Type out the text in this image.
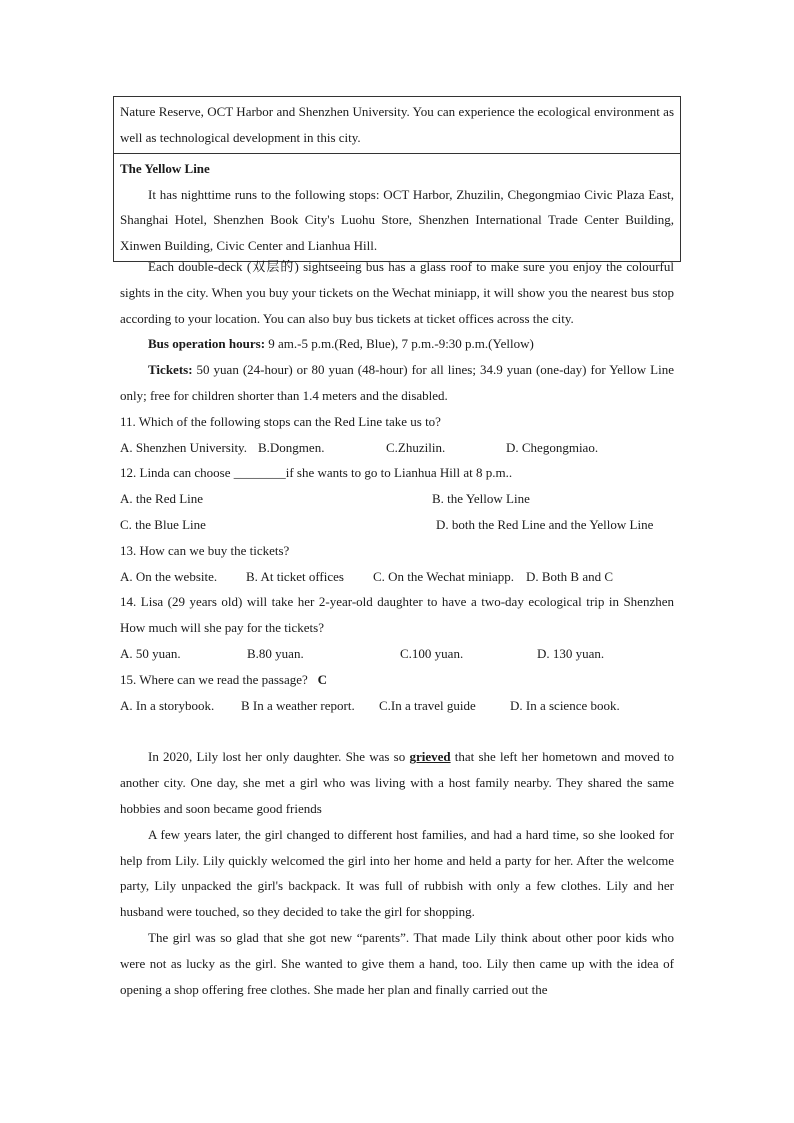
Nature Reserve, OCT Harbor and Shenzhen University. You can experience the ecological environment as well as technological development in this city.
The Yellow Line
It has nighttime runs to the following stops: OCT Harbor, Zhuzilin, Chegongmiao Civic Plaza East, Shanghai Hotel, Shenzhen Book City's Luohu Store, Shenzhen International Trade Center Building, Xinwen Building, Civic Center and Lianhua Hill.

Each double-deck (双层的) sightseeing bus has a glass roof to make sure you enjoy the colourful sights in the city. When you buy your tickets on the Wechat miniapp, it will show you the nearest bus stop according to your location. You can also buy bus tickets at ticket offices across the city.

Bus operation hours: 9 am.-5 p.m.(Red, Blue), 7 p.m.-9:30 p.m.(Yellow)

Tickets: 50 yuan (24-hour) or 80 yuan (48-hour) for all lines; 34.9 yuan (one-day) for Yellow Line only; free for children shorter than 1.4 meters and the disabled.

11. Which of the following stops can the Red Line take us to?

A. Shenzhen University. B.Dongmen.	C.Zhuzilin.	D. Chegongmiao.

12. Linda can choose ________if she wants to go to Lianhua Hill at 8 p.m..

A. the Red Line	B. the Yellow Line
C. the Blue Line	D. both the Red Line and the Yellow Line

13. How can we buy the tickets?

A. On the website.	B. At ticket offices	C. On the Wechat miniapp. D. Both B and C

14. Lisa (29 years old) will take her 2-year-old daughter to have a two-day ecological trip in Shenzhen How much will she pay for the tickets?

A. 50 yuan.	B.80 yuan.	C.100 yuan.	D. 130 yuan.

15. Where can we read the passage? C

A. In a storybook.	B In a weather report.	C.In a travel guide	D. In a science book.

In 2020, Lily lost her only daughter. She was so grieved that she left her hometown and moved to another city. One day, she met a girl who was living with a host family nearby. They shared the same hobbies and soon became good friends

A few years later, the girl changed to different host families, and had a hard time, so she looked for help from Lily. Lily quickly welcomed the girl into her home and held a party for her. After the welcome party, Lily unpacked the girl's backpack. It was full of rubbish with only a few clothes. Lily and her husband were touched, so they decided to take the girl for shopping.

The girl was so glad that she got new “parents”. That made Lily think about other poor kids who were not as lucky as the girl. She wanted to give them a hand, too. Lily then came up with the idea of opening a shop offering free clothes. She made her plan and finally carried out the
